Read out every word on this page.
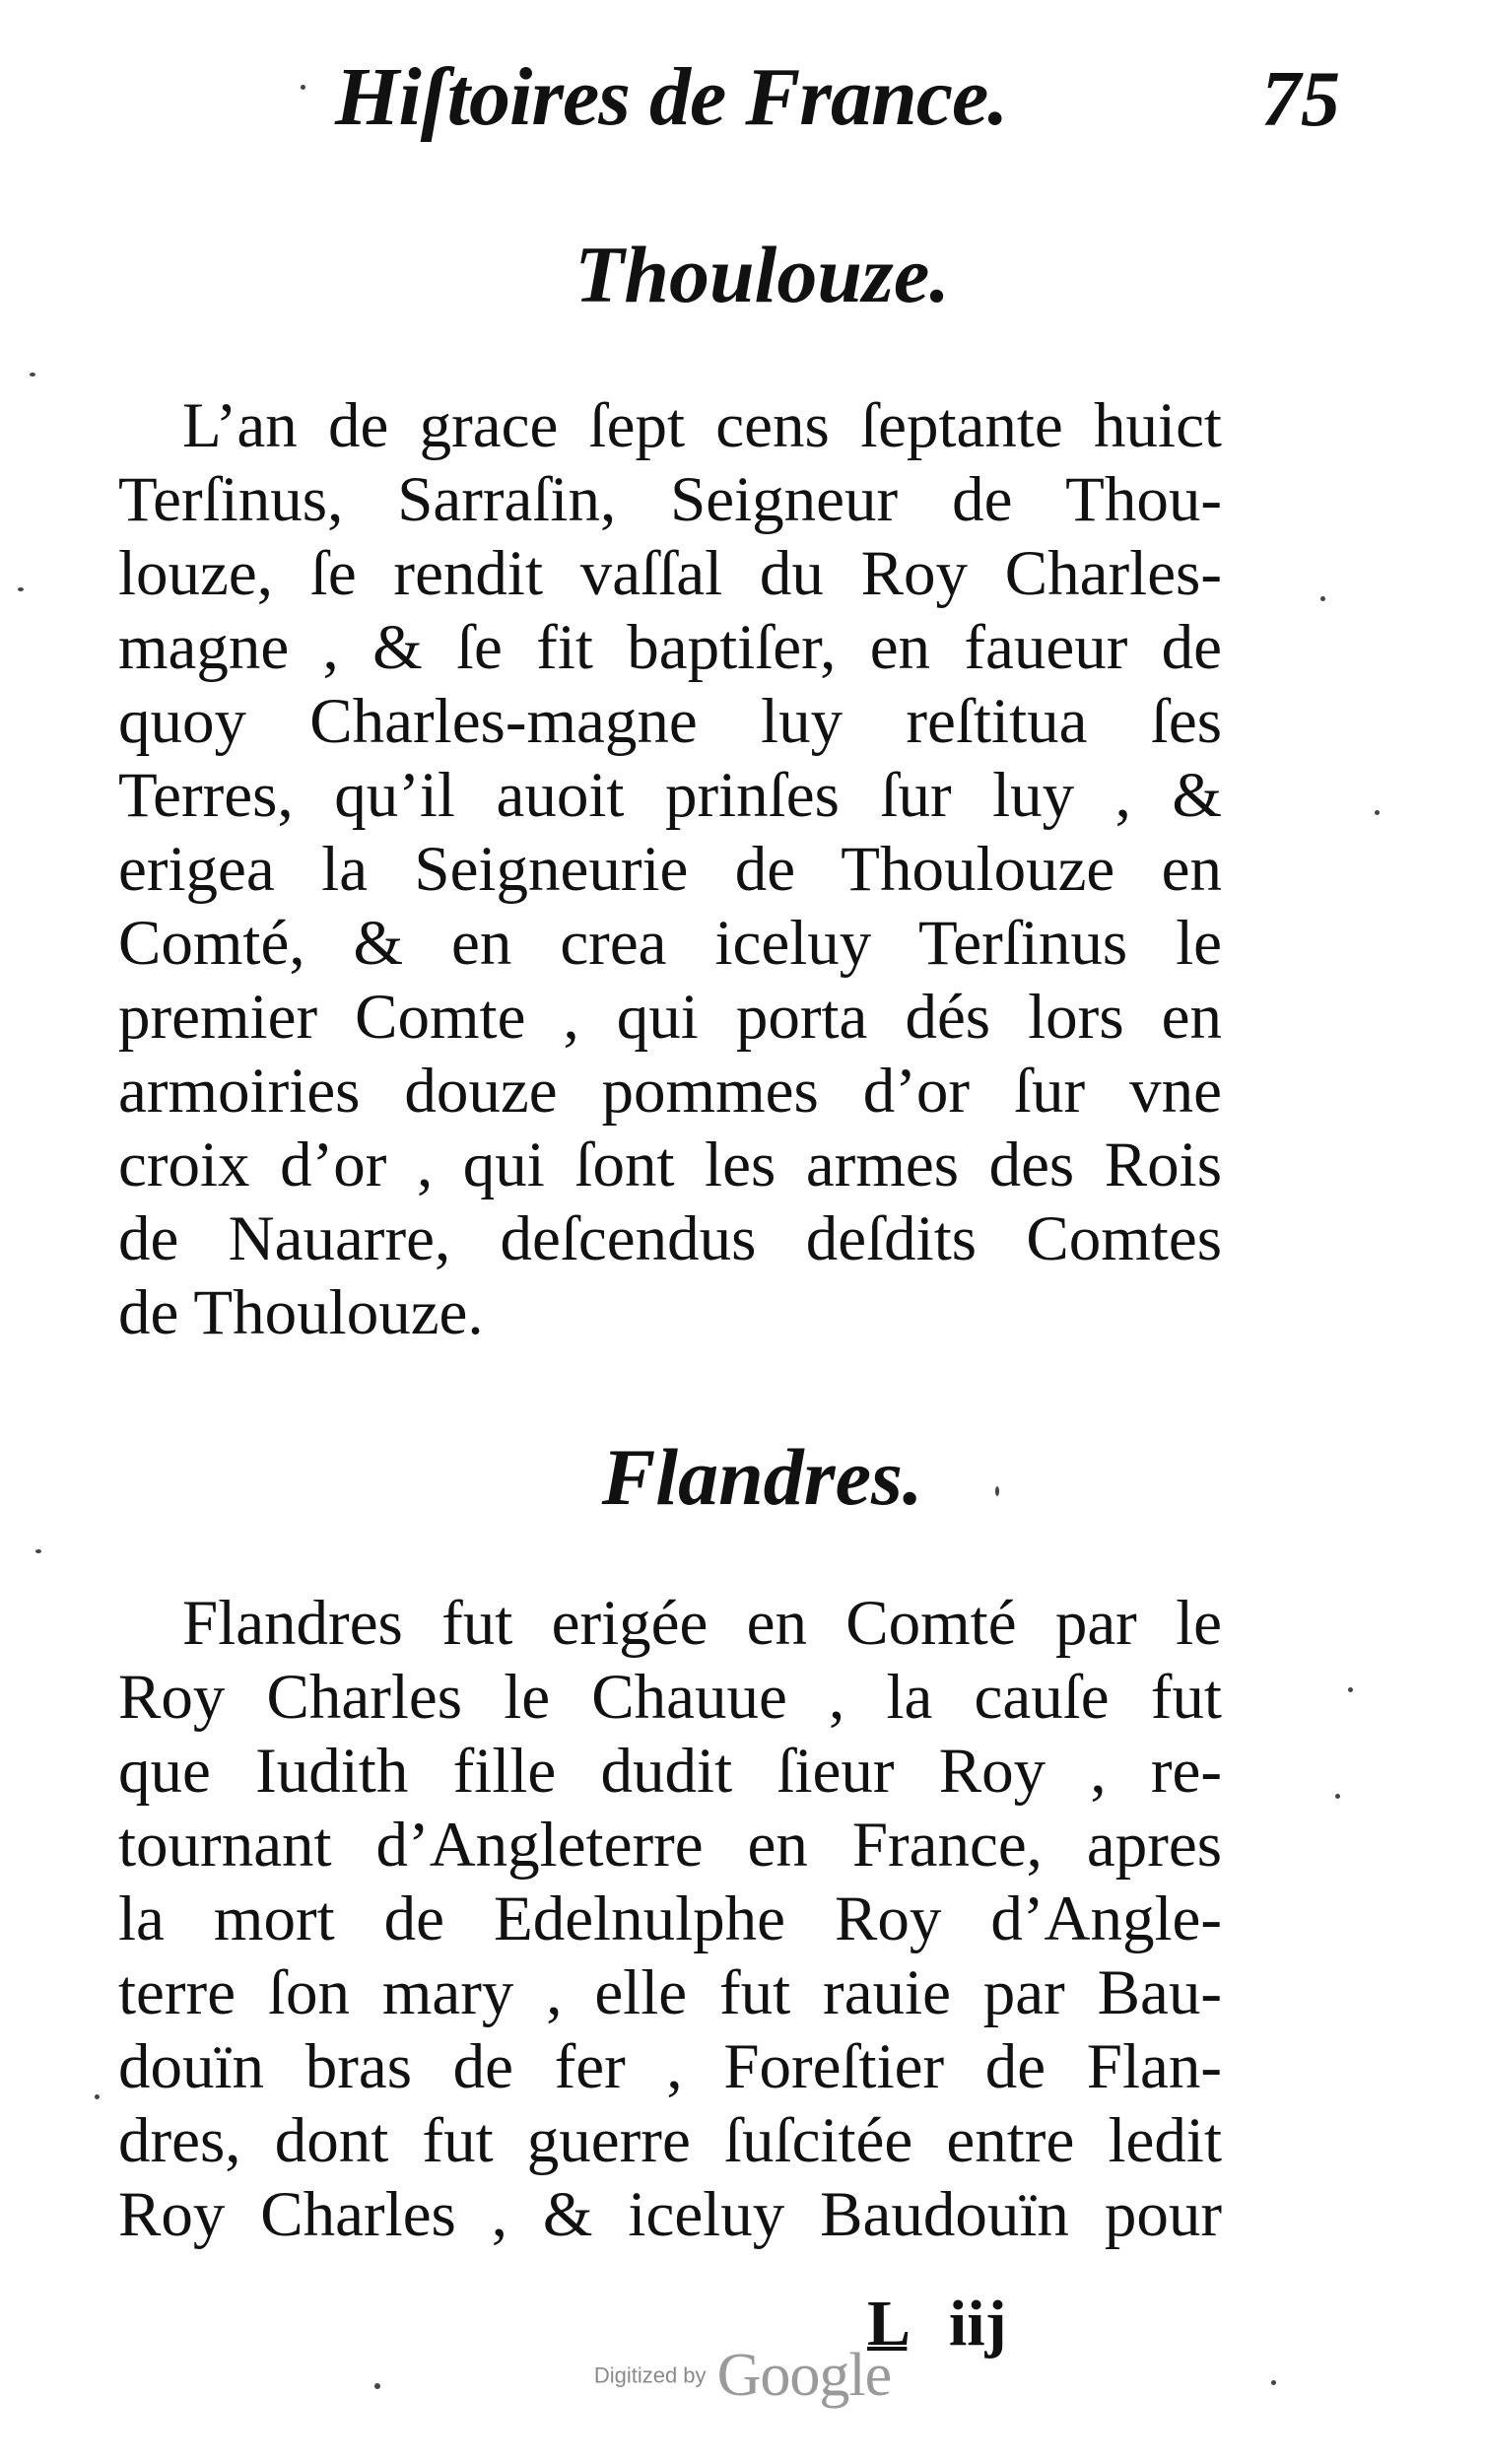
Hiſtoires de France.	75
Thoulouze.
L’an de grace ſept cens ſeptante huict
Terſinus, Sarraſin, Seigneur de Thou-
louze, ſe rendit vaſſal du Roy Charles-
magne , & ſe fit baptiſer, en faueur de
quoy Charles-magne luy reſtitua ſes
Terres, qu’il auoit prinſes ſur luy , &
erigea la Seigneurie de Thoulouze en
Comté, & en crea iceluy Terſinus le
premier Comte , qui porta dés lors en
armoiries douze pommes d’or ſur vne
croix d’or , qui ſont les armes des Rois
de Nauarre, deſcendus deſdits Comtes
de Thoulouze.
Flandres.
Flandres fut erigée en Comté par le
Roy Charles le Chauue , la cauſe fut
que Iudith fille dudit ſieur Roy , re-
tournant d’Angleterre en France, apres
la mort de Edelnulphe Roy d’Angle-
terre ſon mary , elle fut rauie par Bau-
douïn bras de fer , Foreſtier de Flan-
dres, dont fut guerre ſuſcitée entre ledit
Roy Charles , & iceluy Baudouïn pour
L iij
Digitized by Google
